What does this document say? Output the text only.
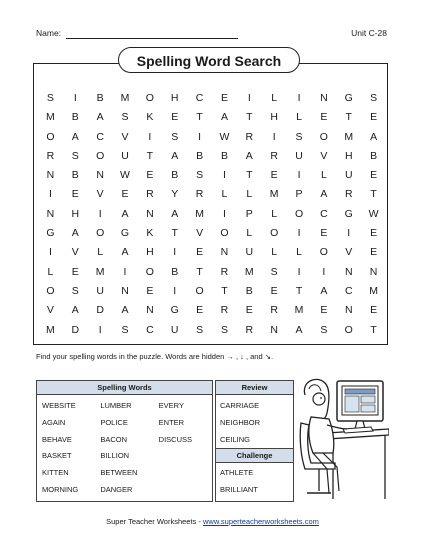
Name:	Unit C-28
Spelling Word Search
S	I	B	M	O	H	C	E	I	L	I	N	G	S
M	B	A	S	K	E	T	A	T	H	L	E	T	E
O	A	C	V	I	S	I	W	R	I	S	O	M	A
R	S	O	U	T	A	B	B	A	R	U	V	H	B
N	B	N	W	E	B	S	I	T	E	I	L	U	E
I	E	V	E	R	Y	R	L	L	M	P	A	R	T
N	H	I	A	N	A	M	I	P	L	O	C	G	W
G	A	O	G	K	T	V	O	L	O	I	E	I	E
I	V	L	A	H	I	E	N	U	L	L	O	V	E
L	E	M	I	O	B	T	R	M	S	I	I	N	N
O	S	U	N	E	I	O	T	B	E	T	A	C	M
V	A	D	A	N	G	E	R	E	R	M	E	N	E
M	D	I	S	C	U	S	S	R	N	A	S	O	T
Find your spelling words in the puzzle. Words are hidden → , ↓ , and ↘.
Spelling Words
WEBSITE
AGAIN
BEHAVE
BASKET
KITTEN
MORNING
LUMBER
POLICE
BACON
BILLION
BETWEEN
DANGER
EVERY
ENTER
DISCUSS
Review
CARRIAGE
NEIGHBOR
CEILING
Challenge
ATHLETE
BRILLIANT
Super Teacher Worksheets - www.superteacherworksheets.com
